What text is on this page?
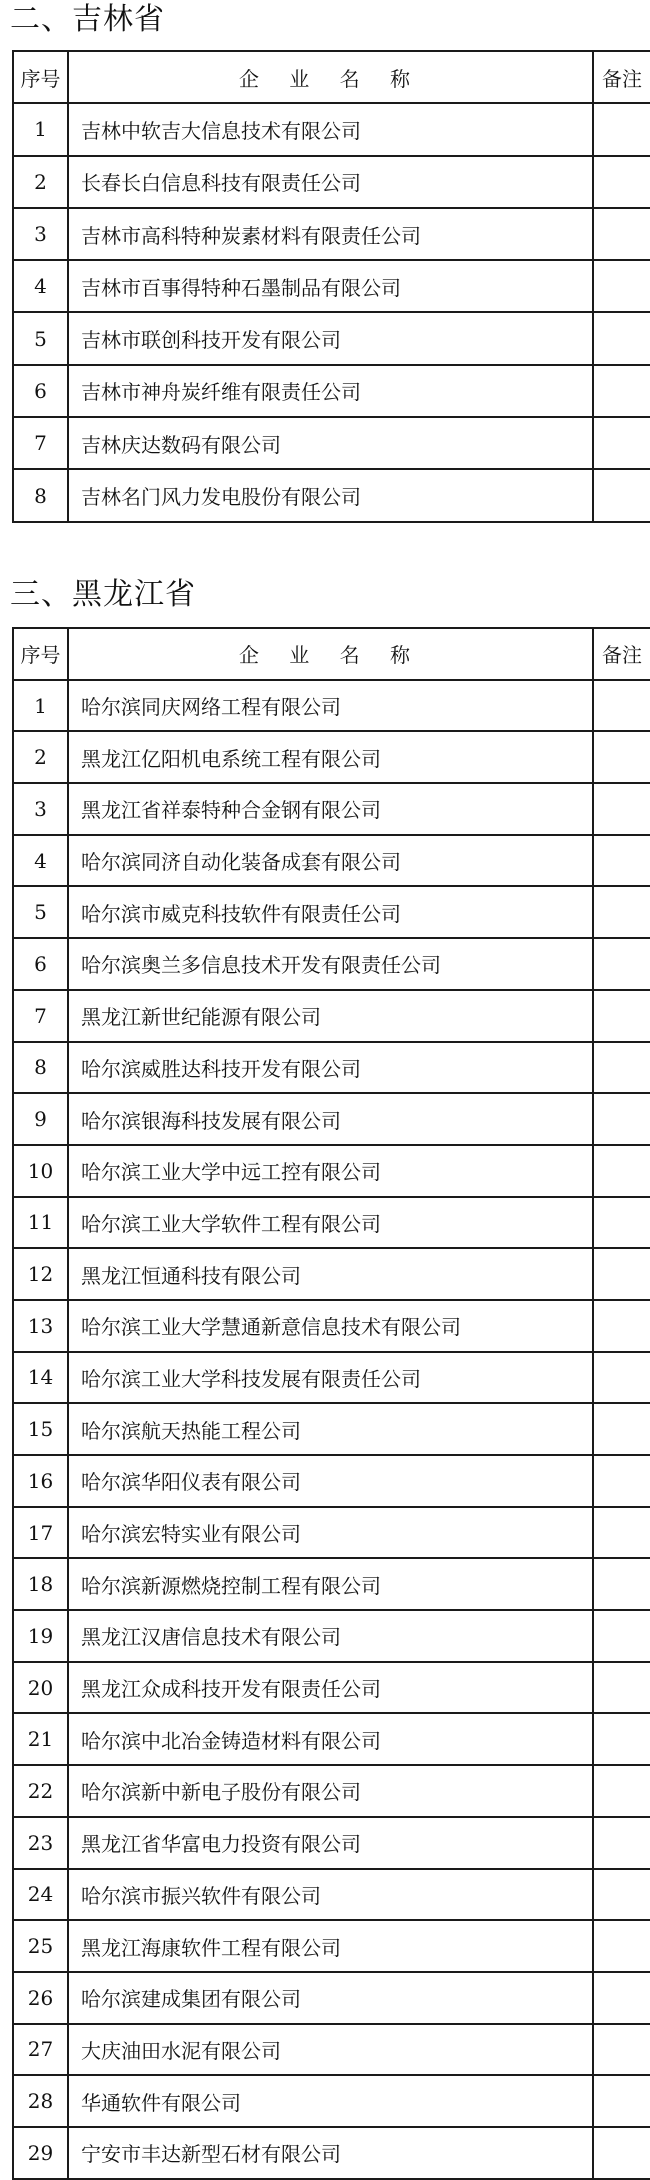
二、吉林省
序号	企 业 名 称	备注
1	吉林中软吉大信息技术有限公司	
2	长春长白信息科技有限责任公司	
3	吉林市高科特种炭素材料有限责任公司	
4	吉林市百事得特种石墨制品有限公司	
5	吉林市联创科技开发有限公司	
6	吉林市神舟炭纤维有限责任公司	
7	吉林庆达数码有限公司	
8	吉林名门风力发电股份有限公司	
三、黑龙江省
序号	企 业 名 称	备注
1	哈尔滨同庆网络工程有限公司	
2	黑龙江亿阳机电系统工程有限公司	
3	黑龙江省祥泰特种合金钢有限公司	
4	哈尔滨同济自动化装备成套有限公司	
5	哈尔滨市威克科技软件有限责任公司	
6	哈尔滨奥兰多信息技术开发有限责任公司	
7	黑龙江新世纪能源有限公司	
8	哈尔滨威胜达科技开发有限公司	
9	哈尔滨银海科技发展有限公司	
10	哈尔滨工业大学中远工控有限公司	
11	哈尔滨工业大学软件工程有限公司	
12	黑龙江恒通科技有限公司	
13	哈尔滨工业大学慧通新意信息技术有限公司	
14	哈尔滨工业大学科技发展有限责任公司	
15	哈尔滨航天热能工程公司	
16	哈尔滨华阳仪表有限公司	
17	哈尔滨宏特实业有限公司	
18	哈尔滨新源燃烧控制工程有限公司	
19	黑龙江汉唐信息技术有限公司	
20	黑龙江众成科技开发有限责任公司	
21	哈尔滨中北冶金铸造材料有限公司	
22	哈尔滨新中新电子股份有限公司	
23	黑龙江省华富电力投资有限公司	
24	哈尔滨市振兴软件有限公司	
25	黑龙江海康软件工程有限公司	
26	哈尔滨建成集团有限公司	
27	大庆油田水泥有限公司	
28	华通软件有限公司	
29	宁安市丰达新型石材有限公司	
